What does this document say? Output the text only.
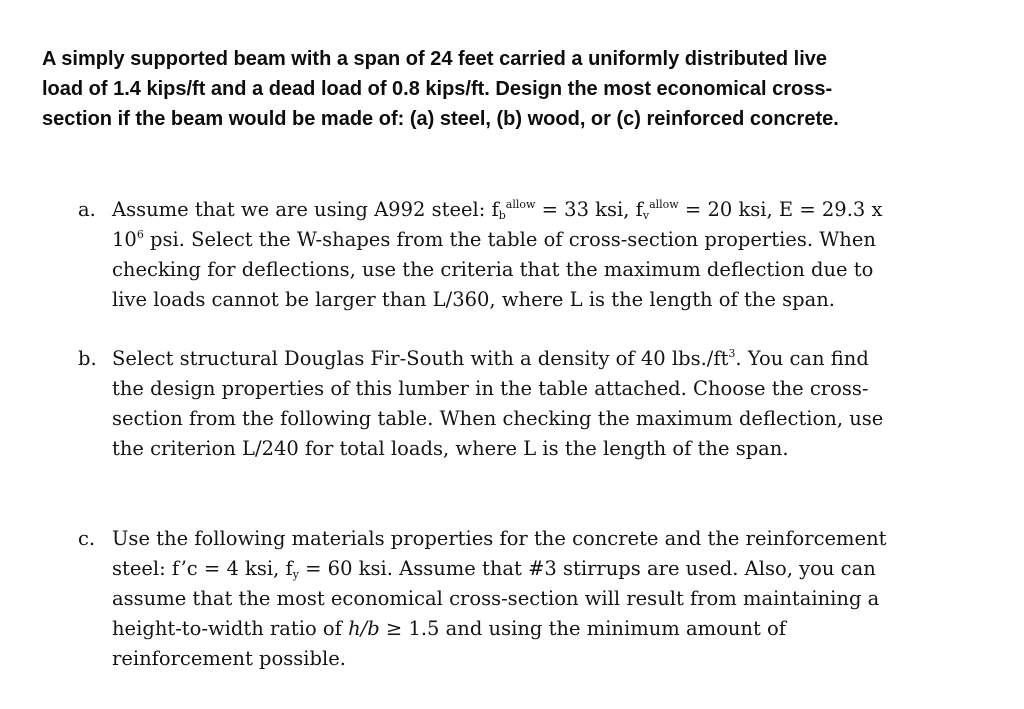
A simply supported beam with a span of 24 feet carried a uniformly distributed live
load of 1.4 kips/ft and a dead load of 0.8 kips/ft. Design the most economical cross-
section if the beam would be made of: (a) steel, (b) wood, or (c) reinforced concrete.
a. Assume that we are using A992 steel: $f_b^{allow} = 33$ ksi, $f_v^{allow} = 20$ ksi, E = 29.3 x
$10^6$ psi. Select the W-shapes from the table of cross-section properties. When
checking for deflections, use the criteria that the maximum deflection due to
live loads cannot be larger than L/360, where L is the length of the span.
b. Select structural Douglas Fir-South with a density of 40 $lbs./ft^3$. You can find
the design properties of this lumber in the table attached. Choose the cross-
section from the following table. When checking the maximum deflection, use
the criterion L/240 for total loads, where L is the length of the span.
c. Use the following materials properties for the concrete and the reinforcement
steel: f’c = 4 ksi, $f_y = 60$ ksi. Assume that #3 stirrups are used. Also, you can
assume that the most economical cross-section will result from maintaining a
height-to-width ratio of h/b ≥ 1.5 and using the minimum amount of
reinforcement possible.
